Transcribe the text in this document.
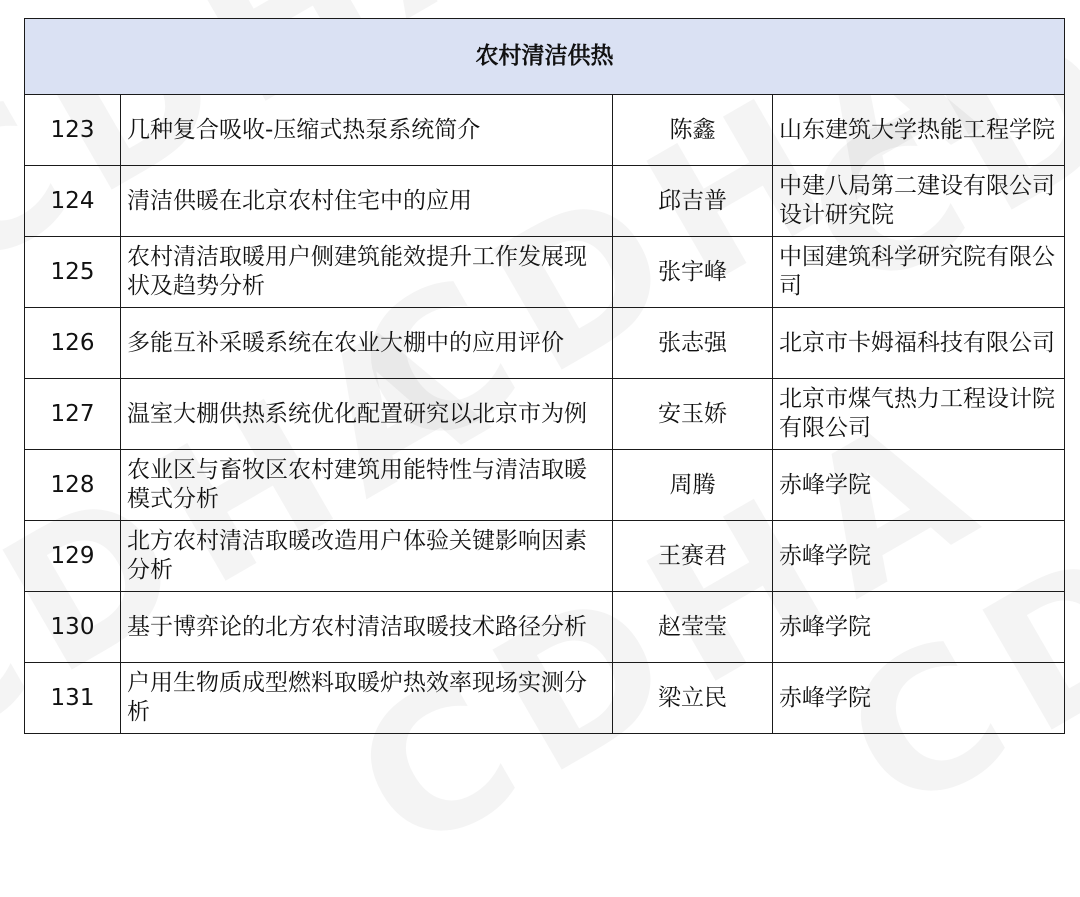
农村清洁供热			
123	几种复合吸收-压缩式热泵系统简介	陈鑫	山东建筑大学热能工程学院
124	清洁供暖在北京农村住宅中的应用	邱吉普	中建八局第二建设有限公司设计研究院
125	农村清洁取暖用户侧建筑能效提升工作发展现状及趋势分析	张宇峰	中国建筑科学研究院有限公司
126	多能互补采暖系统在农业大棚中的应用评价	张志强	北京市卡姆福科技有限公司
127	温室大棚供热系统优化配置研究以北京市为例	安玉娇	北京市煤气热力工程设计院有限公司
128	农业区与畜牧区农村建筑用能特性与清洁取暖模式分析	周腾	赤峰学院
129	北方农村清洁取暖改造用户体验关键影响因素分析	王赛君	赤峰学院
130	基于博弈论的北方农村清洁取暖技术路径分析	赵莹莹	赤峰学院
131	户用生物质成型燃料取暖炉热效率现场实测分析	梁立民	赤峰学院
